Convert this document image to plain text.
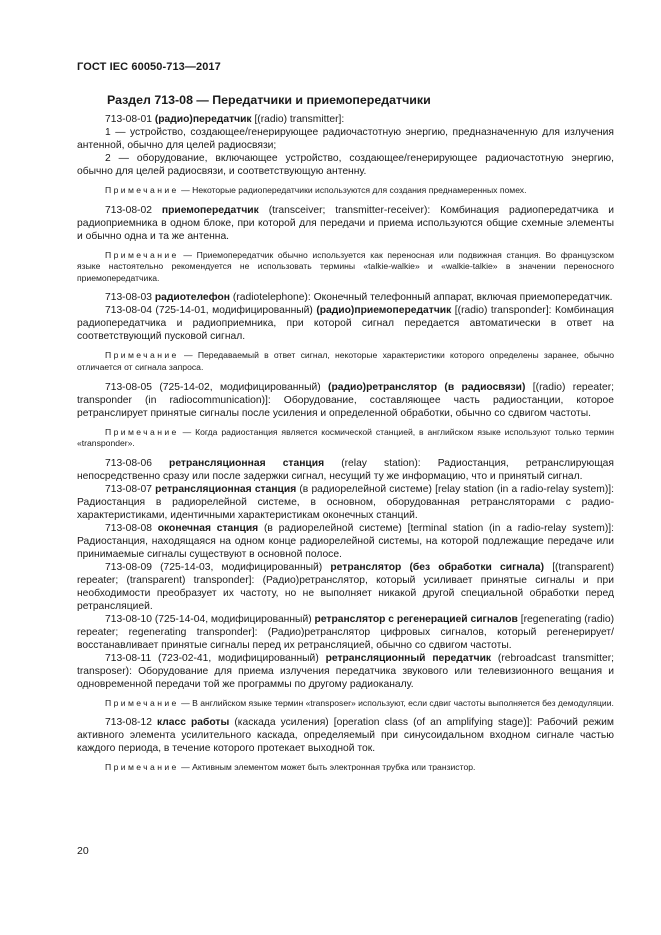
ГОСТ IEC 60050-713—2017
Раздел 713-08 — Передатчики и приемопередатчики

713-08-01 (радио)передатчик [(radio) transmitter]:

1 — устройство, создающее/генерирующее радиочастотную энергию, предназначенную для излучения антенной, обычно для целей радиосвязи;

2 — оборудование, включающее устройство, создающее/генерирующее радиочастотную энергию, обычно для целей радиосвязи, и соответствующую антенну.

Примечание — Некоторые радиопередатчики используются для создания преднамеренных помех.

713-08-02 приемопередатчик (transceiver; transmitter-receiver): Комбинация радиопередатчика и радиоприемника в одном блоке, при которой для передачи и приема используются общие схемные элементы и обычно одна и та же антенна.

Примечание — Приемопередатчик обычно используется как переносная или подвижная станция. Во французском языке настоятельно рекомендуется не использовать термины «talkie-walkie» и «walkie-talkie» в значении переносного приемопередатчика.

713-08-03 радиотелефон (radiotelephone): Оконечный телефонный аппарат, включая приемопередатчик.

713-08-04 (725-14-01, модифицированный) (радио)приемопередатчик [(radio) transponder]: Комбинация радиопередатчика и радиоприемника, при которой сигнал передается автоматически в ответ на соответствующий пусковой сигнал.

Примечание — Передаваемый в ответ сигнал, некоторые характеристики которого определены заранее, обычно отличается от сигнала запроса.

713-08-05 (725-14-02, модифицированный) (радио)ретранслятор (в радиосвязи) [(radio) repeater; transponder (in radiocommunication)]: Оборудование, составляющее часть радиостанции, которое ретранслирует принятые сигналы после усиления и определенной обработки, обычно со сдвигом частоты.

Примечание — Когда радиостанция является космической станцией, в английском языке используют только термин «transponder».

713-08-06 ретрансляционная станция (relay station): Радиостанция, ретранслирующая непосредственно сразу или после задержки сигнал, несущий ту же информацию, что и принятый сигнал.

713-08-07 ретрансляционная станция (в радиорелейной системе) [relay station (in a radio-relay system)]: Радиостанция в радиорелейной системе, в основном, оборудованная ретрансляторами с радио-характеристиками, идентичными характеристикам оконечных станций.

713-08-08 оконечная станция (в радиорелейной системе) [terminal station (in a radio-relay system)]: Радиостанция, находящаяся на одном конце радиорелейной системы, на которой подлежащие передаче или принимаемые сигналы существуют в основной полосе.

713-08-09 (725-14-03, модифицированный) ретранслятор (без обработки сигнала) [(transparent) repeater; (transparent) transponder]: (Радио)ретранслятор, который усиливает принятые сигналы и при необходимости преобразует их частоту, но не выполняет никакой другой специальной обработки перед ретрансляцией.

713-08-10 (725-14-04, модифицированный) ретранслятор с регенерацией сигналов [regenerating (radio) repeater; regenerating transponder]: (Радио)ретранслятор цифровых сигналов, который регенерирует/восстанавливает принятые сигналы перед их ретрансляцией, обычно со сдвигом частоты.

713-08-11 (723-02-41, модифицированный) ретрансляционный передатчик (rebroadcast transmitter; transposer): Оборудование для приема излучения передатчика звукового или телевизионного вещания и одновременной передачи той же программы по другому радиоканалу.

Примечание — В английском языке термин «transposer» используют, если сдвиг частоты выполняется без демодуляции.

713-08-12 класс работы (каскада усиления) [operation class (of an amplifying stage)]: Рабочий режим активного элемента усилительного каскада, определяемый при синусоидальном входном сигнале частью каждого периода, в течение которого протекает выходной ток.

Примечание — Активным элементом может быть электронная трубка или транзистор.

20
